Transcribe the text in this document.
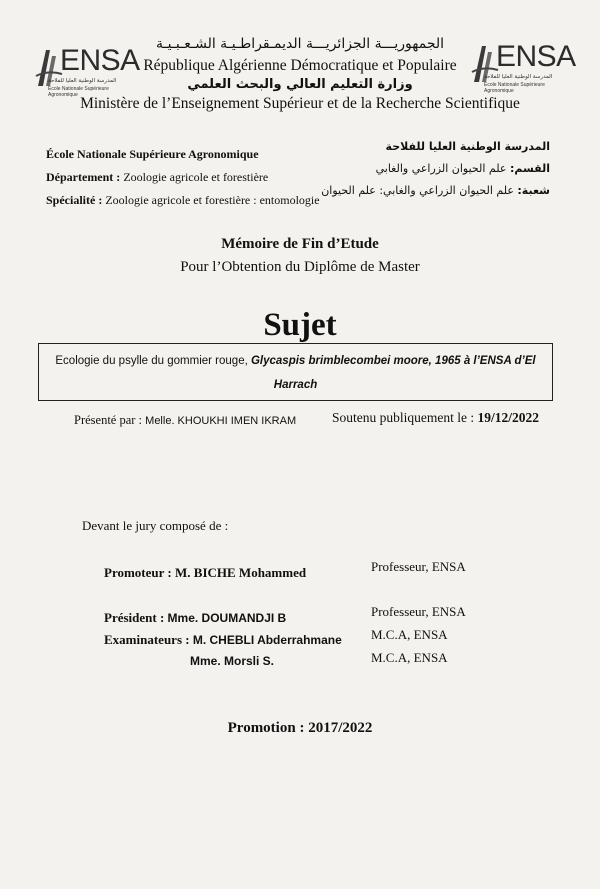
ENSA
المدرسة الوطنية العليا للفلاحة
École Nationale Supérieure Agronomique
ENSA
المدرسة الوطنية العليا للفلاحة
École Nationale Supérieure Agronomique
الجمهوريـــة الجزائريـــة الديمـقراطـيـة الشـعـبـيـة
République Algérienne Démocratique et Populaire
وزارة التعليم العالي والبحث العلمي
Ministère de l’Enseignement Supérieur et de la Recherche Scientifique
École Nationale Supérieure Agronomique
Département : Zoologie agricole et forestière
Spécialité : Zoologie agricole et forestière : entomologie
المدرسة الوطنية العليا للفلاحة
القسم: علم الحيوان الزراعي والغابي
شعبة: علم الحيوان الزراعي والغابي: علم الحيوان
Mémoire de Fin d’Etude
Pour l’Obtention du Diplôme de Master
Sujet
Ecologie du psylle du gommier rouge, Glycaspis brimblecombei moore, 1965 à l’ENSA d’El
Harrach
Présenté par : Melle. KHOUKHI IMEN IKRAM	Soutenu publiquement le : 19/12/2022
Devant le jury composé de :
Promoteur : M. BICHE Mohammed	Professeur, ENSA
Président : Mme. DOUMANDJI B	Professeur, ENSA
Examinateurs : M. CHEBLI Abderrahmane M.C.A, ENSA
Mme. Morsli S.	M.C.A, ENSA
Promotion : 2017/2022
